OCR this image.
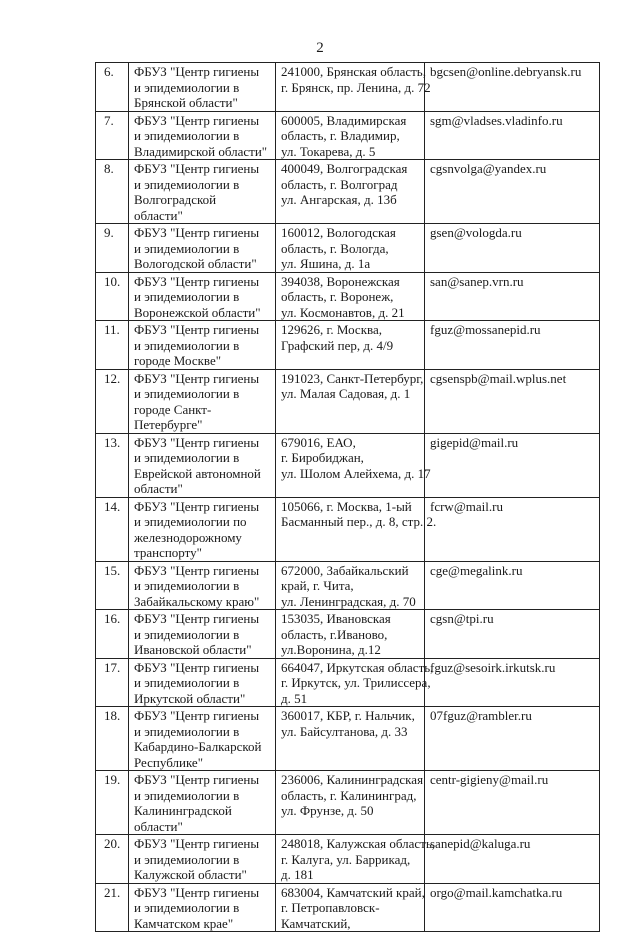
2
6.	ФБУЗ "Центр гигиены
и эпидемиологии в
Брянской области"	241000, Брянская область,
г. Брянск, пр. Ленина, д. 72	bgcsen@online.debryansk.ru
7.	ФБУЗ "Центр гигиены
и эпидемиологии в
Владимирской области"	600005, Владимирская
область, г. Владимир,
ул. Токарева, д. 5	sgm@vladses.vladinfo.ru
8.	ФБУЗ "Центр гигиены
и эпидемиологии в
Волгоградской
области"	400049, Волгоградская
область, г. Волгоград
ул. Ангарская, д. 13б	cgsnvolga@yandex.ru
9.	ФБУЗ "Центр гигиены
и эпидемиологии в
Вологодской области"	160012, Вологодская
область, г. Вологда,
ул. Яшина, д. 1а	gsen@vologda.ru
10.	ФБУЗ "Центр гигиены
и эпидемиологии в
Воронежской области"	394038, Воронежская
область, г. Воронеж,
ул. Космонавтов, д. 21	san@sanep.vrn.ru
11.	ФБУЗ "Центр гигиены
и эпидемиологии в
городе Москве"	129626, г. Москва,
Графский пер, д. 4/9	fguz@mossanepid.ru
12.	ФБУЗ "Центр гигиены
и эпидемиологии в
городе Санкт-
Петербурге"	191023, Санкт-Петербург,
ул. Малая Садовая, д. 1	cgsenspb@mail.wplus.net
13.	ФБУЗ "Центр гигиены
и эпидемиологии в
Еврейской автономной
области"	679016, ЕАО,
г. Биробиджан,
ул. Шолом Алейхема, д. 17	gigepid@mail.ru
14.	ФБУЗ "Центр гигиены
и эпидемиологии по
железнодорожному
транспорту"	105066, г. Москва, 1-ый
Басманный пер., д. 8, стр. 2.	fcrw@mail.ru
15.	ФБУЗ "Центр гигиены
и эпидемиологии в
Забайкальскому краю"	672000, Забайкальский
край, г. Чита,
ул. Ленинградская, д. 70	cge@megalink.ru
16.	ФБУЗ "Центр гигиены
и эпидемиологии в
Ивановской области"	153035, Ивановская
область, г.Иваново,
ул.Воронина, д.12	cgsn@tpi.ru
17.	ФБУЗ "Центр гигиены
и эпидемиологии в
Иркутской области"	664047, Иркутская область,
г. Иркутск, ул. Трилиссера,
д. 51	fguz@sesoirk.irkutsk.ru
18.	ФБУЗ "Центр гигиены
и эпидемиологии в
Кабардино-Балкарской
Республике"	360017, КБР, г. Нальчик,
ул. Байсултанова, д. 33	07fguz@rambler.ru
19.	ФБУЗ "Центр гигиены
и эпидемиологии в
Калининградской
области"	236006, Калининградская
область, г. Калининград,
ул. Фрунзе, д. 50	centr-gigieny@mail.ru
20.	ФБУЗ "Центр гигиены
и эпидемиологии в
Калужской области"	248018, Калужская область,
г. Калуга, ул. Баррикад,
д. 181	sanepid@kaluga.ru
21.	ФБУЗ "Центр гигиены
и эпидемиологии в
Камчатском крае"	683004, Камчатский край,
г. Петропавловск-
Камчатский,	orgo@mail.kamchatka.ru
